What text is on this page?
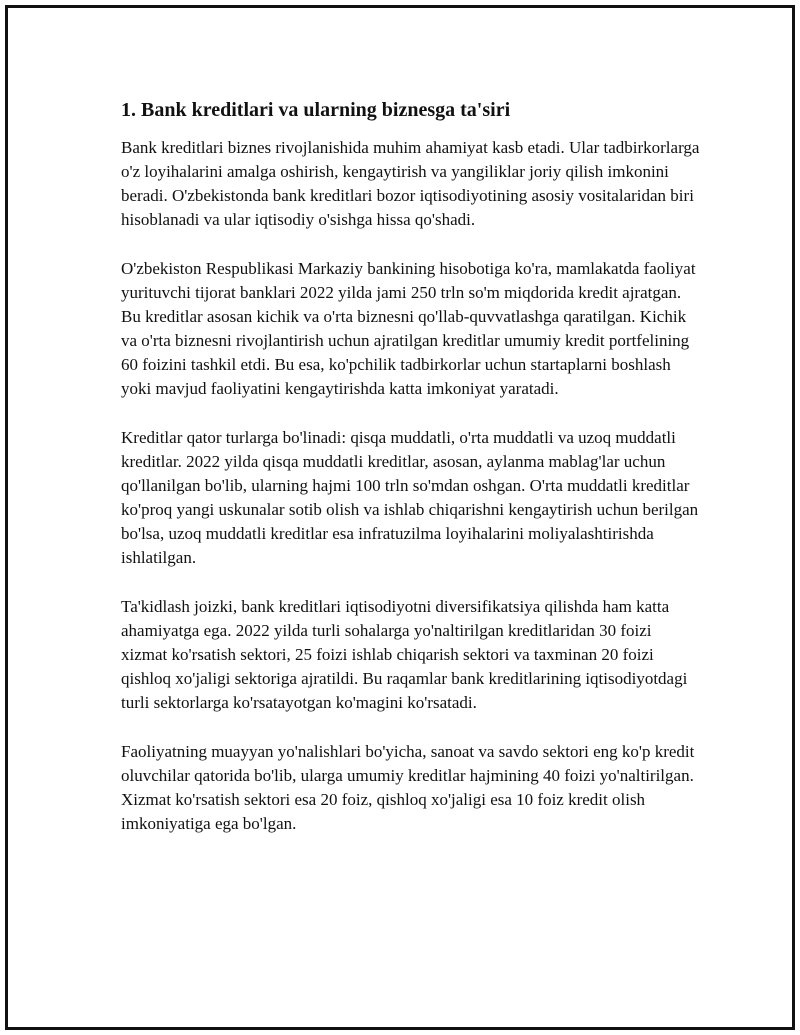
1. Bank kreditlari va ularning biznesga ta'siri

Bank kreditlari biznes rivojlanishida muhim ahamiyat kasb etadi. Ular tadbirkorlarga o'z loyihalarini amalga oshirish, kengaytirish va yangiliklar joriy qilish imkonini beradi. O'zbekistonda bank kreditlari bozor iqtisodiyotining asosiy vositalaridan biri hisoblanadi va ular iqtisodiy o'sishga hissa qo'shadi.

O'zbekiston Respublikasi Markaziy bankining hisobotiga ko'ra, mamlakatda faoliyat yurituvchi tijorat banklari 2022 yilda jami 250 trln so'm miqdorida kredit ajratgan. Bu kreditlar asosan kichik va o'rta biznesni qo'llab-quvvatlashga qaratilgan. Kichik va o'rta biznesni rivojlantirish uchun ajratilgan kreditlar umumiy kredit portfelining 60 foizini tashkil etdi. Bu esa, ko'pchilik tadbirkorlar uchun startaplarni boshlash yoki mavjud faoliyatini kengaytirishda katta imkoniyat yaratadi.

Kreditlar qator turlarga bo'linadi: qisqa muddatli, o'rta muddatli va uzoq muddatli kreditlar. 2022 yilda qisqa muddatli kreditlar, asosan, aylanma mablag'lar uchun qo'llanilgan bo'lib, ularning hajmi 100 trln so'mdan oshgan. O'rta muddatli kreditlar ko'proq yangi uskunalar sotib olish va ishlab chiqarishni kengaytirish uchun berilgan bo'lsa, uzoq muddatli kreditlar esa infratuzilma loyihalarini moliyalashtirishda ishlatilgan.

Ta'kidlash joizki, bank kreditlari iqtisodiyotni diversifikatsiya qilishda ham katta ahamiyatga ega. 2022 yilda turli sohalarga yo'naltirilgan kreditlaridan 30 foizi xizmat ko'rsatish sektori, 25 foizi ishlab chiqarish sektori va taxminan 20 foizi qishloq xo'jaligi sektoriga ajratildi. Bu raqamlar bank kreditlarining iqtisodiyotdagi turli sektorlarga ko'rsatayotgan ko'magini ko'rsatadi.

Faoliyatning muayyan yo'nalishlari bo'yicha, sanoat va savdo sektori eng ko'p kredit oluvchilar qatorida bo'lib, ularga umumiy kreditlar hajmining 40 foizi yo'naltirilgan. Xizmat ko'rsatish sektori esa 20 foiz, qishloq xo'jaligi esa 10 foiz kredit olish imkoniyatiga ega bo'lgan.
